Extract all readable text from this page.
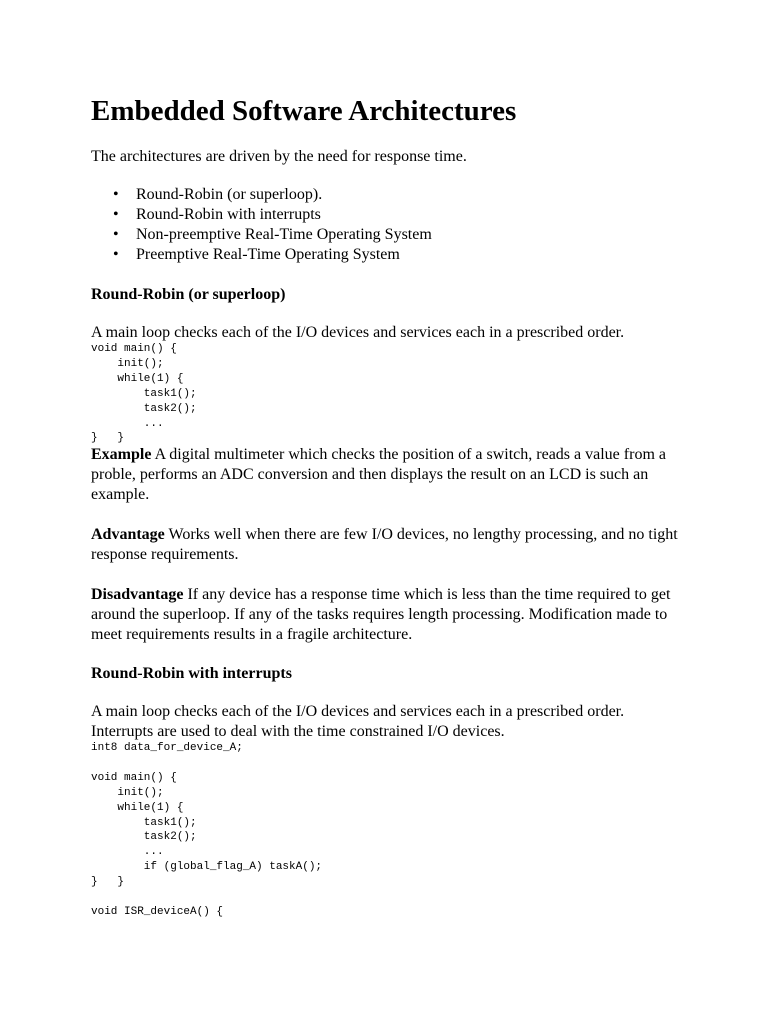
Embedded Software Architectures

The architectures are driven by the need for response time.

• Round-Robin (or superloop).
• Round-Robin with interrupts
• Non-preemptive Real-Time Operating System
• Preemptive Real-Time Operating System
Round-Robin (or superloop)

A main loop checks each of the I/O devices and services each in a prescribed order.

void main() {
init();
while(1) {
task1();
task2();
...
}   }

Example A digital multimeter which checks the position of a switch, reads a value from a proble, performs an ADC conversion and then displays the result on an LCD is such an example.

Advantage Works well when there are few I/O devices, no lengthy processing, and no tight response requirements.

Disadvantage If any device has a response time which is less than the time required to get around the superloop. If any of the tasks requires length processing. Modification made to meet requirements results in a fragile architecture.

Round-Robin with interrupts

A main loop checks each of the I/O devices and services each in a prescribed order. Interrupts are used to deal with the time constrained I/O devices.

int8 data_for_device_A;

void main() {
init();
while(1) {
task1();
task2();
...
if (global_flag_A) taskA();
}   }

void ISR_deviceA() {
